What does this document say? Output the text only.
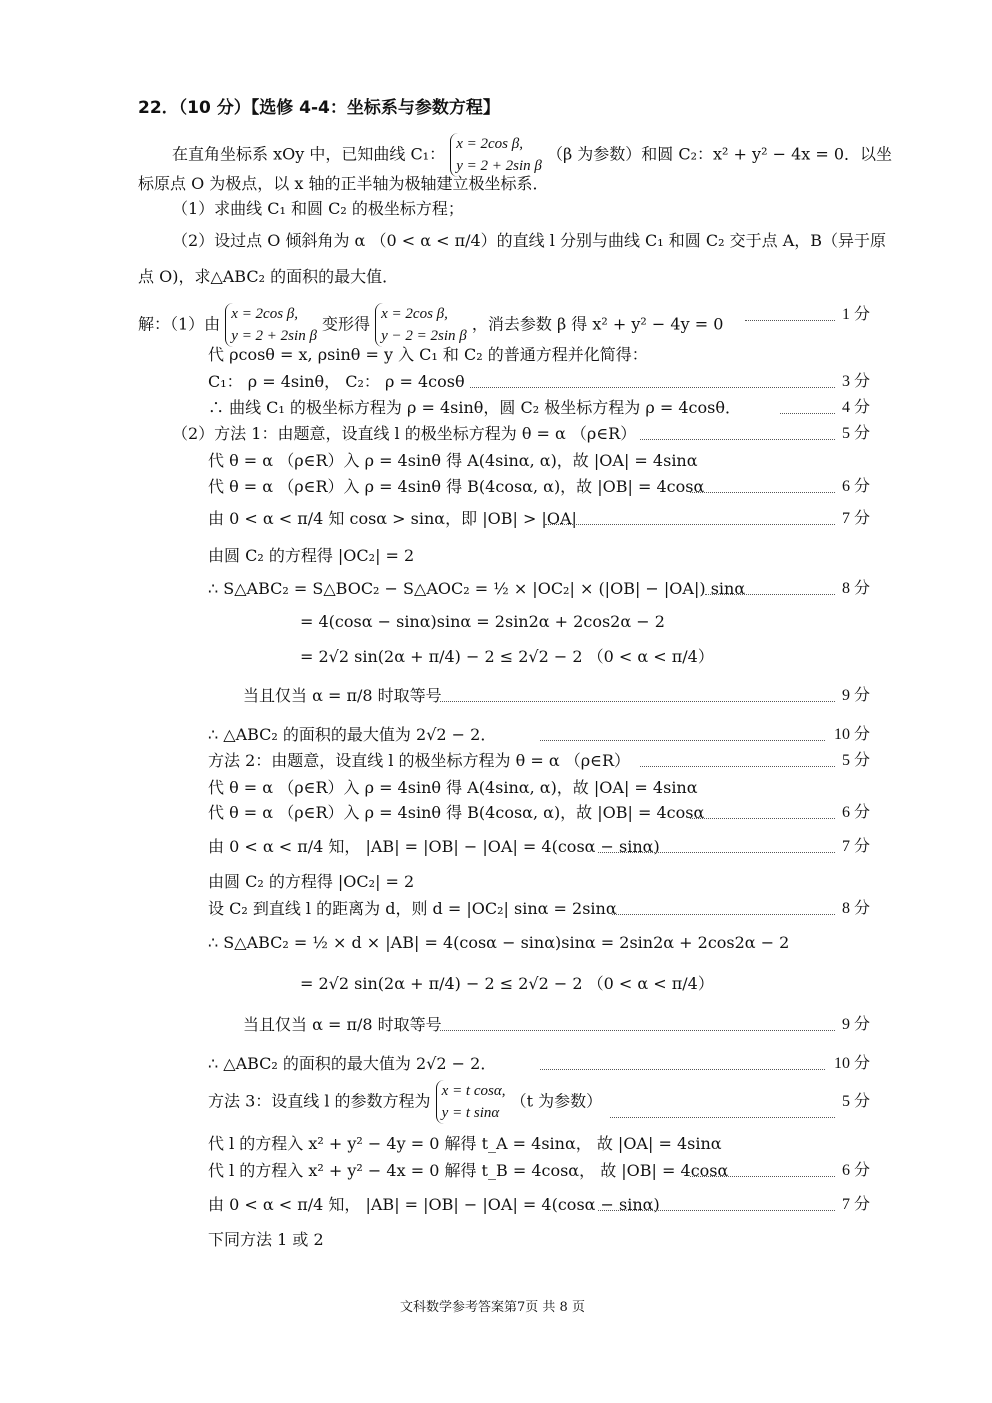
22．（10 分）【选修 4-4：坐标系与参数方程】
在直角坐标系 xOy 中，已知曲线 C₁： x = 2cos β,
y = 2 + 2sin β （β 为参数）和圆 C₂：x² + y² − 4x = 0．以坐
标原点 O 为极点，以 x 轴的正半轴为极轴建立极坐标系．
（1）求曲线 C₁ 和圆 C₂ 的极坐标方程；
（2）设过点 O 倾斜角为 α （0 < α < π/4）的直线 l 分别与曲线 C₁ 和圆 C₂ 交于点 A，B（异于原
点 O)，求△ABC₂ 的面积的最大值．
解：（1）由 x = 2cos β,
y = 2 + 2sin β 变形得 x = 2cos β,
y − 2 = 2sin β ，消去参数 β 得 x² + y² − 4y = 0	1 分
代 ρcosθ = x, ρsinθ = y 入 C₁ 和 C₂ 的普通方程并化简得：
C₁： ρ = 4sinθ， C₂： ρ = 4cosθ	3 分
∴ 曲线 C₁ 的极坐标方程为 ρ = 4sinθ，圆 C₂ 极坐标方程为 ρ = 4cosθ．	4 分
（2）方法 1：由题意，设直线 l 的极坐标方程为 θ = α （ρ∈R）	5 分
代 θ = α （ρ∈R）入 ρ = 4sinθ 得 A(4sinα, α)，故 |OA| = 4sinα
代 θ = α （ρ∈R）入 ρ = 4sinθ 得 B(4cosα, α)，故 |OB| = 4cosα	6 分
由 0 < α < π/4 知 cosα > sinα，即 |OB| > |OA|	7 分
由圆 C₂ 的方程得 |OC₂| = 2
∴ S△ABC₂ = S△BOC₂ − S△AOC₂ = ½ × |OC₂| × (|OB| − |OA|) sinα	8 分
= 4(cosα − sinα)sinα = 2sin2α + 2cos2α − 2
= 2√2 sin(2α + π/4) − 2 ≤ 2√2 − 2 （0 < α < π/4）
当且仅当 α = π/8 时取等号	9 分
∴ △ABC₂ 的面积的最大值为 2√2 − 2．	10 分
方法 2：由题意，设直线 l 的极坐标方程为 θ = α （ρ∈R）	5 分
代 θ = α （ρ∈R）入 ρ = 4sinθ 得 A(4sinα, α)，故 |OA| = 4sinα
代 θ = α （ρ∈R）入 ρ = 4sinθ 得 B(4cosα, α)，故 |OB| = 4cosα	6 分
由 0 < α < π/4 知， |AB| = |OB| − |OA| = 4(cosα − sinα)	7 分
由圆 C₂ 的方程得 |OC₂| = 2
设 C₂ 到直线 l 的距离为 d，则 d = |OC₂| sinα = 2sinα	8 分
∴ S△ABC₂ = ½ × d × |AB| = 4(cosα − sinα)sinα = 2sin2α + 2cos2α − 2
= 2√2 sin(2α + π/4) − 2 ≤ 2√2 − 2 （0 < α < π/4）
当且仅当 α = π/8 时取等号	9 分
∴ △ABC₂ 的面积的最大值为 2√2 − 2．	10 分
方法 3：设直线 l 的参数方程为 x = t cosα,
y = t sinα （t 为参数）	5 分
代 l 的方程入 x² + y² − 4y = 0 解得 t_A = 4sinα， 故 |OA| = 4sinα
代 l 的方程入 x² + y² − 4x = 0 解得 t_B = 4cosα， 故 |OB| = 4cosα	6 分
由 0 < α < π/4 知， |AB| = |OB| − |OA| = 4(cosα − sinα)	7 分
下同方法 1 或 2
文科数学参考答案第7页 共 8 页
